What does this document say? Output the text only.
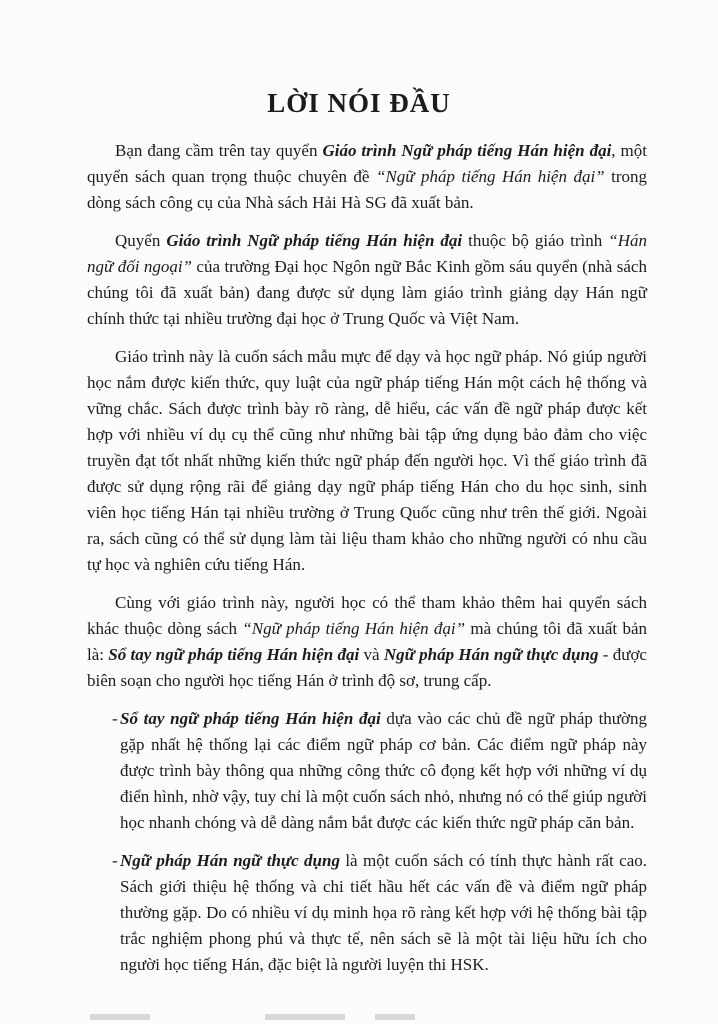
LỜI NÓI ĐẦU

Bạn đang cầm trên tay quyển Giáo trình Ngữ pháp tiếng Hán hiện đại, một quyển sách quan trọng thuộc chuyên đề “Ngữ pháp tiếng Hán hiện đại” trong dòng sách công cụ của Nhà sách Hải Hà SG đã xuất bản.

Quyển Giáo trình Ngữ pháp tiếng Hán hiện đại thuộc bộ giáo trình “Hán ngữ đối ngoại” của trường Đại học Ngôn ngữ Bắc Kinh gồm sáu quyển (nhà sách chúng tôi đã xuất bản) đang được sử dụng làm giáo trình giảng dạy Hán ngữ chính thức tại nhiều trường đại học ở Trung Quốc và Việt Nam.

Giáo trình này là cuốn sách mẫu mực để dạy và học ngữ pháp. Nó giúp người học nắm được kiến thức, quy luật của ngữ pháp tiếng Hán một cách hệ thống và vững chắc. Sách được trình bày rõ ràng, dễ hiểu, các vấn đề ngữ pháp được kết hợp với nhiều ví dụ cụ thể cũng như những bài tập ứng dụng bảo đảm cho việc truyền đạt tốt nhất những kiến thức ngữ pháp đến người học. Vì thế giáo trình đã được sử dụng rộng rãi để giảng dạy ngữ pháp tiếng Hán cho du học sinh, sinh viên học tiếng Hán tại nhiều trường ở Trung Quốc cũng như trên thế giới. Ngoài ra, sách cũng có thể sử dụng làm tài liệu tham khảo cho những người có nhu cầu tự học và nghiên cứu tiếng Hán.

Cùng với giáo trình này, người học có thể tham khảo thêm hai quyển sách khác thuộc dòng sách “Ngữ pháp tiếng Hán hiện đại” mà chúng tôi đã xuất bản là: Sổ tay ngữ pháp tiếng Hán hiện đại và Ngữ pháp Hán ngữ thực dụng - được biên soạn cho người học tiếng Hán ở trình độ sơ, trung cấp.

- Sổ tay ngữ pháp tiếng Hán hiện đại dựa vào các chủ đề ngữ pháp thường gặp nhất hệ thống lại các điểm ngữ pháp cơ bản. Các điểm ngữ pháp này được trình bày thông qua những công thức cô đọng kết hợp với những ví dụ điển hình, nhờ vậy, tuy chỉ là một cuốn sách nhỏ, nhưng nó có thể giúp người học nhanh chóng và dễ dàng nắm bắt được các kiến thức ngữ pháp căn bản.
- Ngữ pháp Hán ngữ thực dụng là một cuốn sách có tính thực hành rất cao. Sách giới thiệu hệ thống và chi tiết hầu hết các vấn đề và điểm ngữ pháp thường gặp. Do có nhiều ví dụ minh họa rõ ràng kết hợp với hệ thống bài tập trắc nghiệm phong phú và thực tế, nên sách sẽ là một tài liệu hữu ích cho người học tiếng Hán, đặc biệt là người luyện thi HSK.
